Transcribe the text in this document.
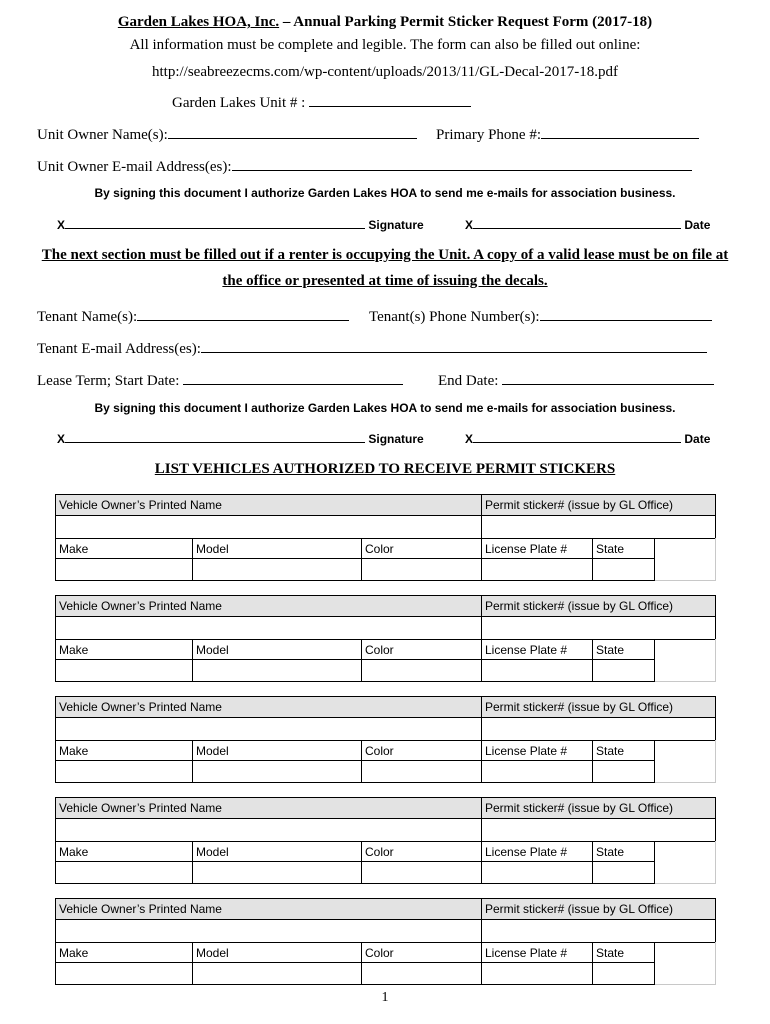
Garden Lakes HOA, Inc. – Annual Parking Permit Sticker Request Form (2017-18)
All information must be complete and legible. The form can also be filled out online:
http://seabreezecms.com/wp-content/uploads/2013/11/GL-Decal-2017-18.pdf
Garden Lakes Unit # :
Unit Owner Name(s):	Primary Phone #:
Unit Owner E-mail Address(es):
By signing this document I authorize Garden Lakes HOA to send me e-mails for association business.
X	Signature	X	Date
The next section must be filled out if a renter is occupying the Unit. A copy of a valid lease must be on file at
the office or presented at time of issuing the decals.
Tenant Name(s):	Tenant(s) Phone Number(s):
Tenant E-mail Address(es):
Lease Term; Start Date:	End Date:
By signing this document I authorize Garden Lakes HOA to send me e-mails for association business.
X	Signature	X	Date
LIST VEHICLES AUTHORIZED TO RECEIVE PERMIT STICKERS
Vehicle Owner’s Printed Name	Permit sticker# (issue by GL Office)
Make	Model	Color	License Plate #	State
Vehicle Owner’s Printed Name	Permit sticker# (issue by GL Office)
Make	Model	Color	License Plate #	State
Vehicle Owner’s Printed Name	Permit sticker# (issue by GL Office)
Make	Model	Color	License Plate #	State
Vehicle Owner’s Printed Name	Permit sticker# (issue by GL Office)
Make	Model	Color	License Plate #	State
Vehicle Owner’s Printed Name	Permit sticker# (issue by GL Office)
Make	Model	Color	License Plate #	State
1
